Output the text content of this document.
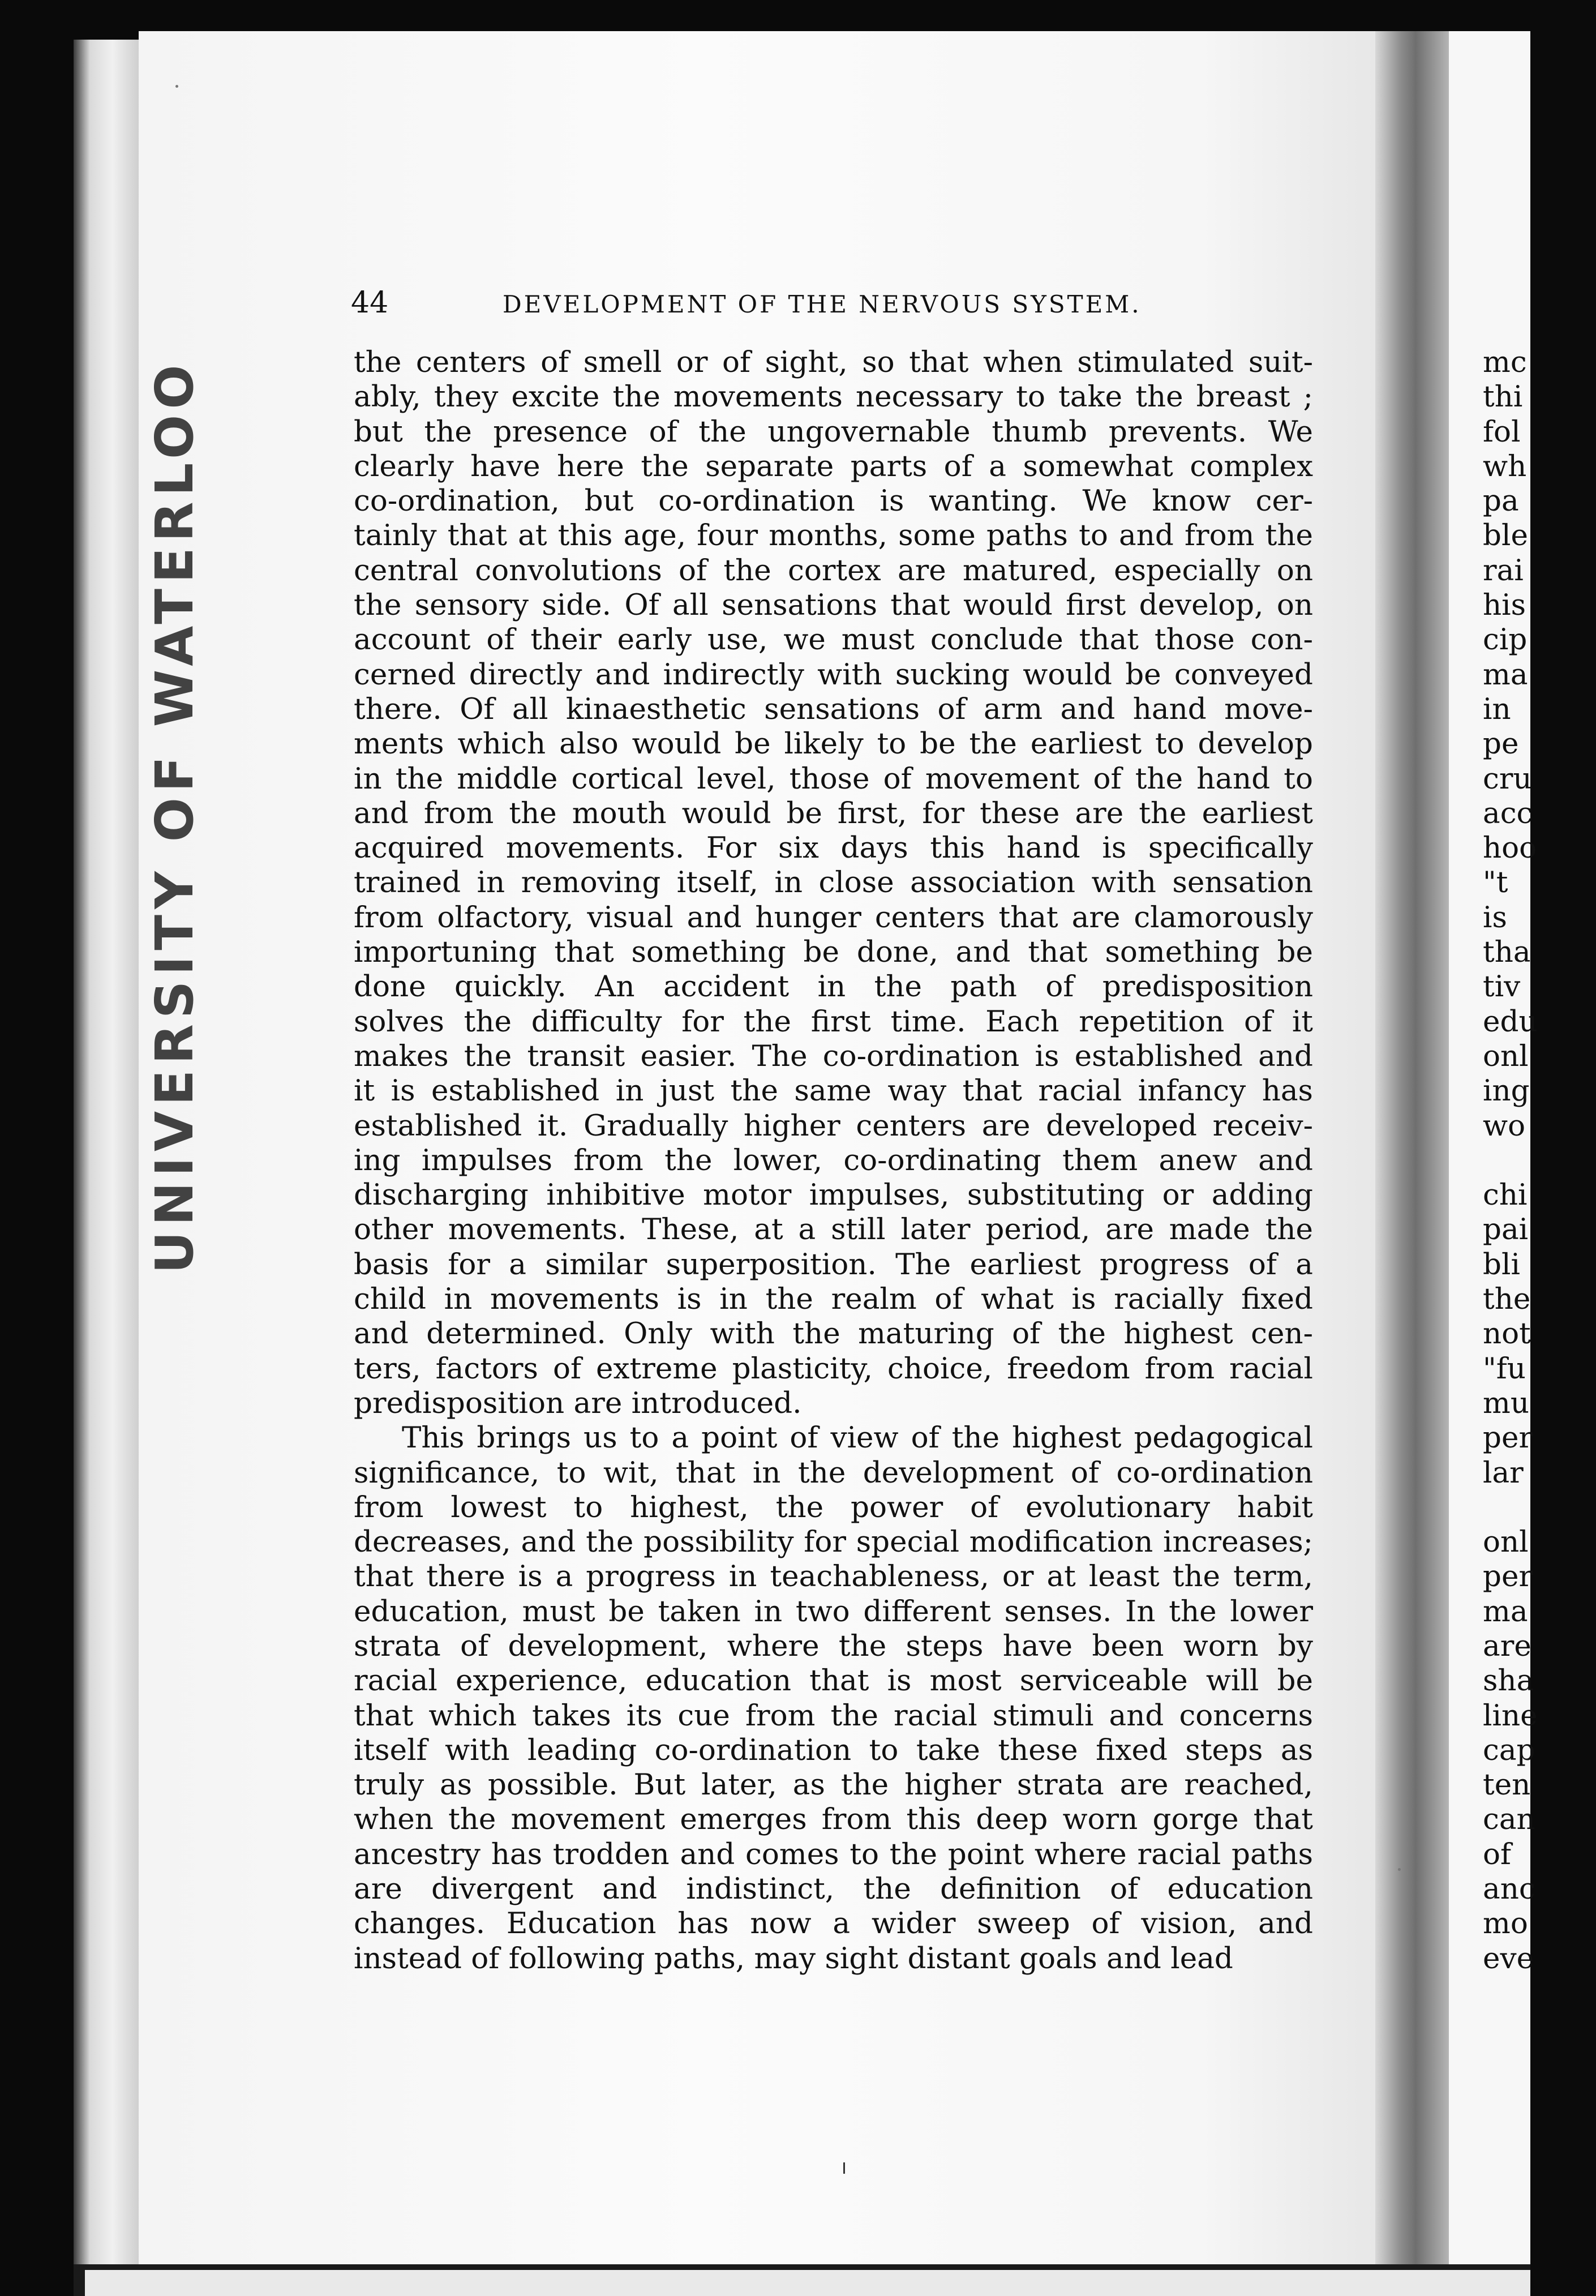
UNIVERSITY OF WATERLOO
44	DEVELOPMENT OF THE NERVOUS SYSTEM.
the centers of smell or of sight, so that when stimulated suit-
ably, they excite the movements necessary to take the breast ;
but the presence of the ungovernable thumb prevents. We
clearly have here the separate parts of a somewhat complex
co-ordination, but co-ordination is wanting. We know cer-
tainly that at this age, four months, some paths to and from the
central convolutions of the cortex are matured, especially on
the sensory side. Of all sensations that would first develop, on
account of their early use, we must conclude that those con-
cerned directly and indirectly with sucking would be conveyed
there. Of all kinaesthetic sensations of arm and hand move-
ments which also would be likely to be the earliest to develop
in the middle cortical level, those of movement of the hand to
and from the mouth would be first, for these are the earliest
acquired movements. For six days this hand is specifically
trained in removing itself, in close association with sensation
from olfactory, visual and hunger centers that are clamorously
importuning that something be done, and that something be
done quickly. An accident in the path of predisposition
solves the difficulty for the first time. Each repetition of it
makes the transit easier. The co-ordination is established and
it is established in just the same way that racial infancy has
established it. Gradually higher centers are developed receiv-
ing impulses from the lower, co-ordinating them anew and
discharging inhibitive motor impulses, substituting or adding
other movements. These, at a still later period, are made the
basis for a similar superposition. The earliest progress of a
child in movements is in the realm of what is racially fixed
and determined. Only with the maturing of the highest cen-
ters, factors of extreme plasticity, choice, freedom from racial
predisposition are introduced.
This brings us to a point of view of the highest pedagogical
significance, to wit, that in the development of co-ordination
from lowest to highest, the power of evolutionary habit
decreases, and the possibility for special modification increases;
that there is a progress in teachableness, or at least the term,
education, must be taken in two different senses. In the lower
strata of development, where the steps have been worn by
racial experience, education that is most serviceable will be
that which takes its cue from the racial stimuli and concerns
itself with leading co-ordination to take these fixed steps as
truly as possible. But later, as the higher strata are reached,
when the movement emerges from this deep worn gorge that
ancestry has trodden and comes to the point where racial paths
are divergent and indistinct, the definition of education
changes. Education has now a wider sweep of vision, and
instead of following paths, may sight distant goals and lead
mc
thi
fol
wh
pa
ble
rai
his
cip
ma
in
pe
cru
acc
hoo
"t
is
tha
tiv
edu
onl
ing
wo
chi
pai
bli
the
not
"fu
mu
per
lar
onl
per
ma
are
sha
line
cap
ten
can
of
anc
mo
eve
